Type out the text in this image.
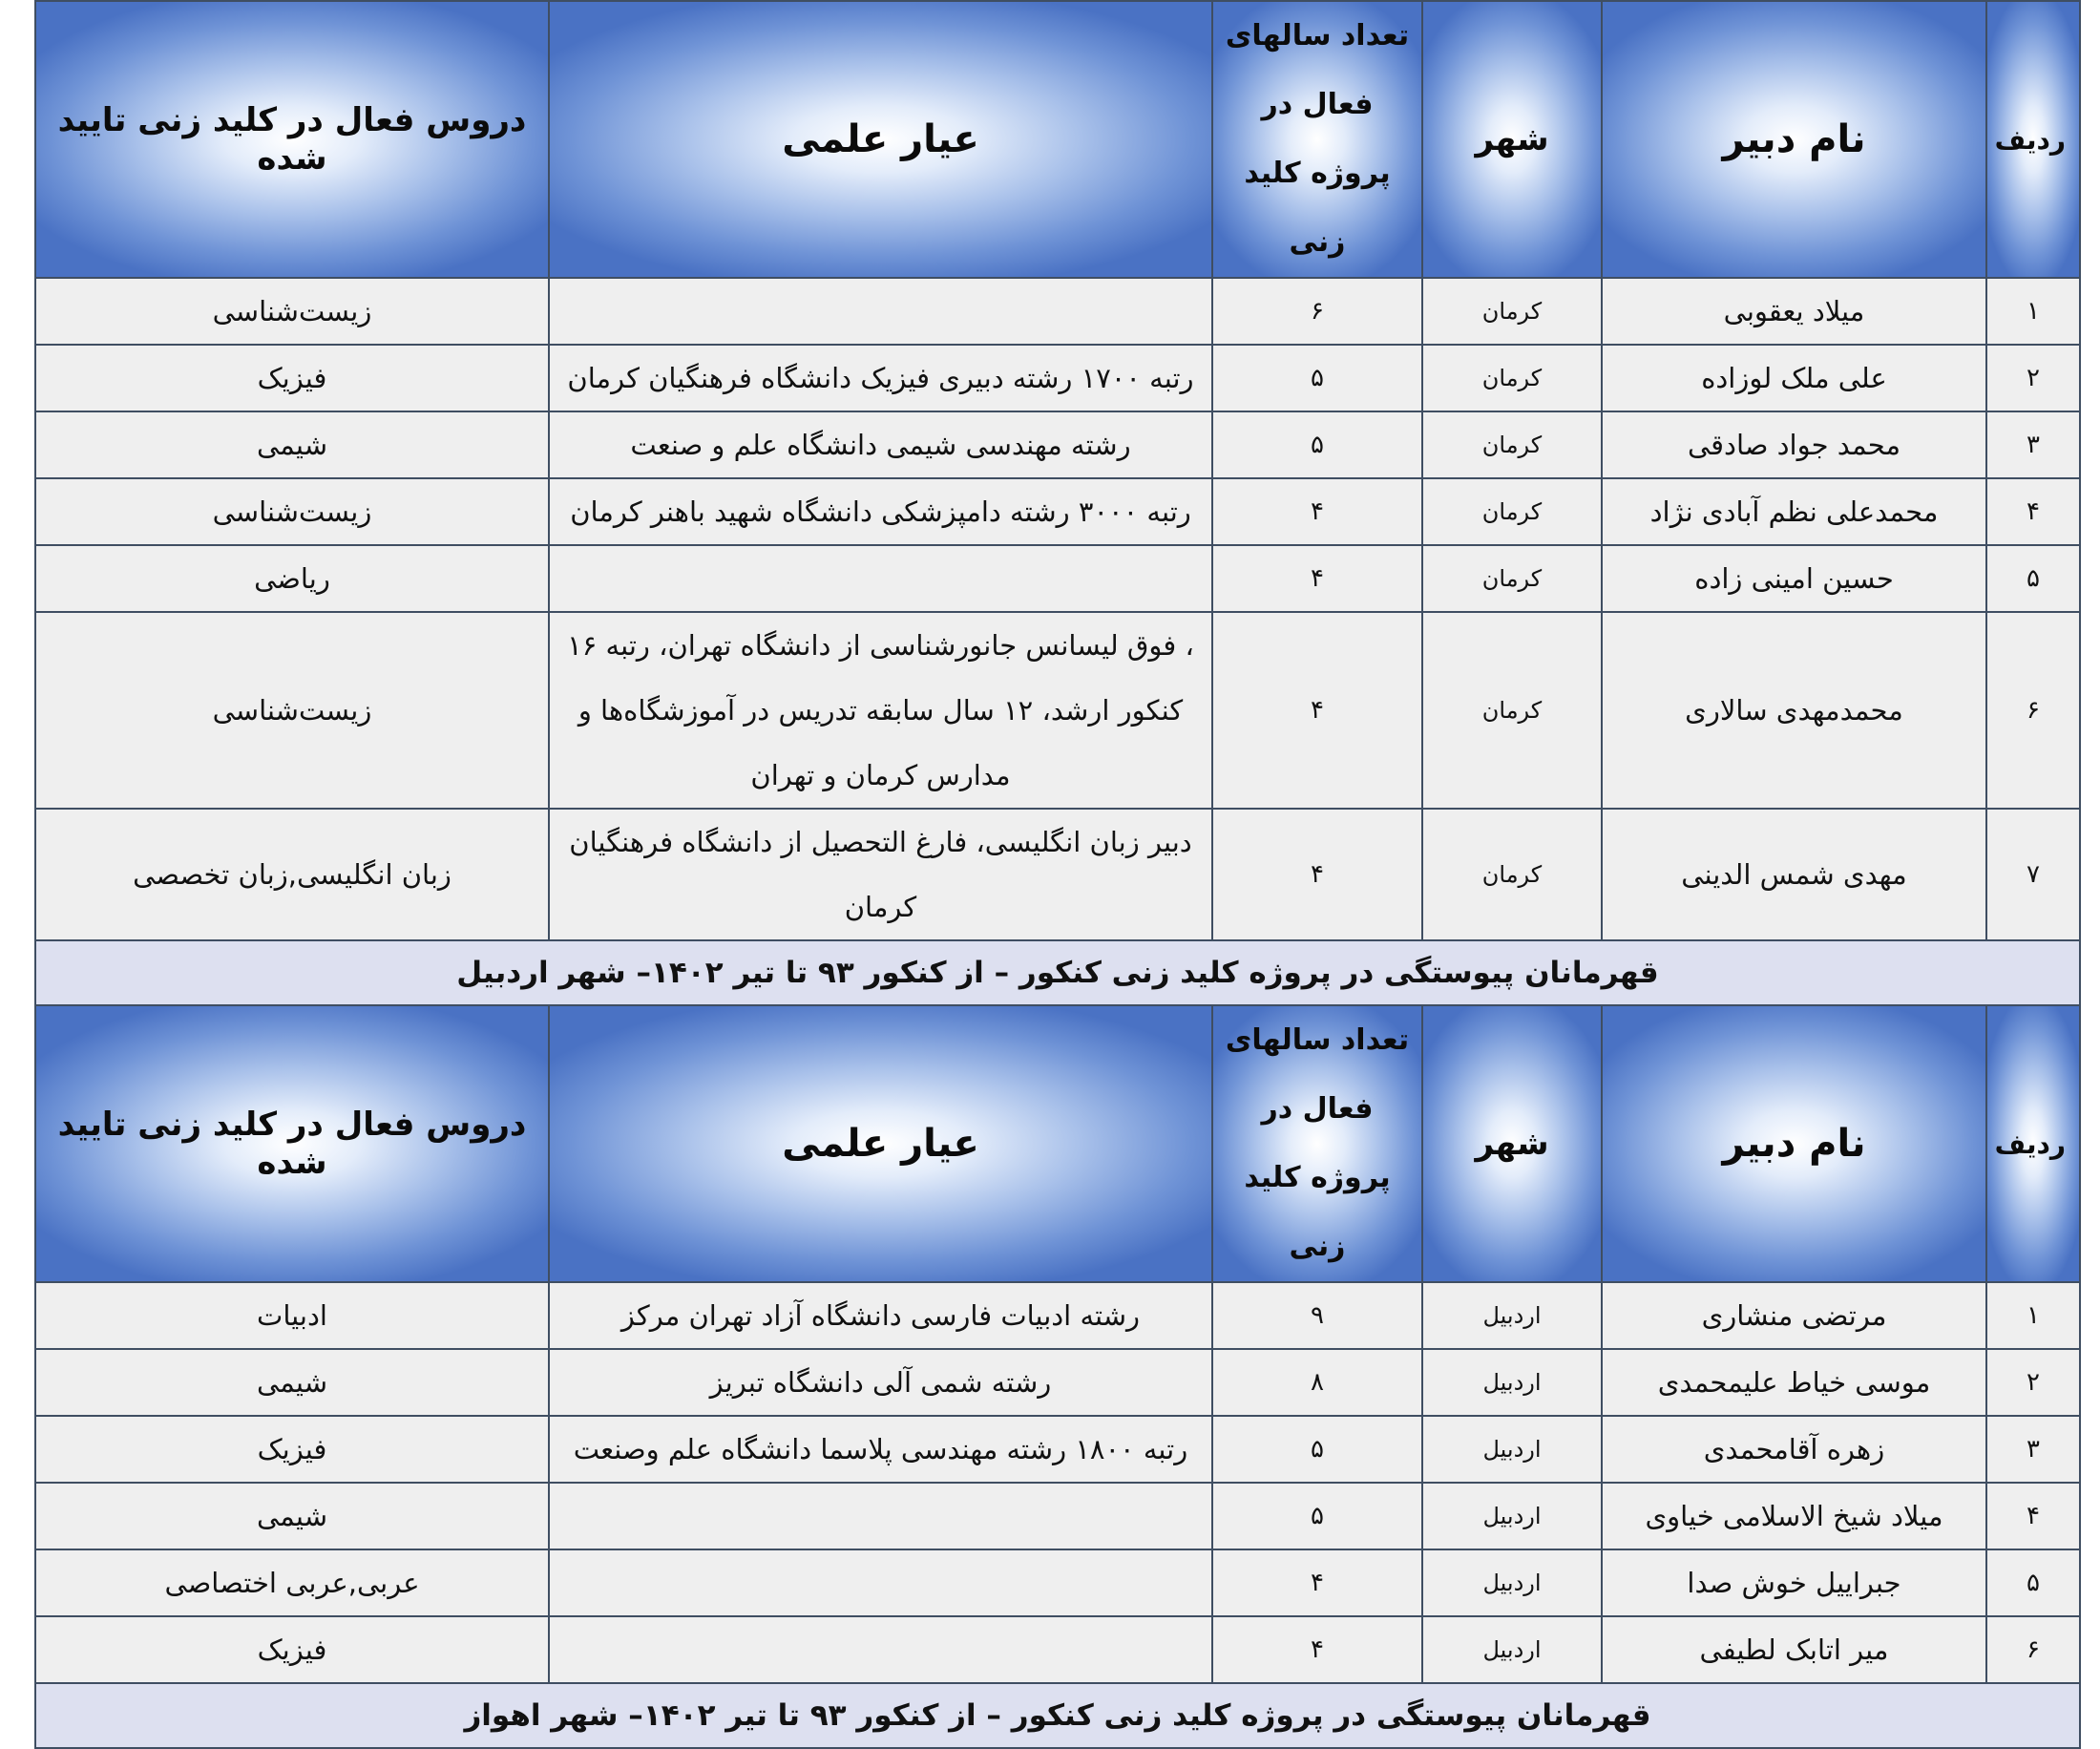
دروس فعال در کلید زنی تایید شده	عیار علمی	تعداد سالهای فعال در پروژه کلید زنی	شهر	نام دبیر	ردیف
زیست‌شناسی		۶	کرمان	میلاد یعقوبی	۱
فیزیک	رتبه ۱۷۰۰ رشته دبیری فیزیک دانشگاه فرهنگیان کرمان	۵	کرمان	علی ملک لوزاده	۲
شیمی	رشته مهندسی شیمی دانشگاه علم و صنعت	۵	کرمان	محمد جواد صادقی	۳
زیست‌شناسی	رتبه ۳۰۰۰ رشته دامپزشکی دانشگاه شهید باهنر کرمان	۴	کرمان	محمدعلی نظم آبادی نژاد	۴
ریاضی		۴	کرمان	حسین امینی زاده	۵
زیست‌شناسی	، فوق لیسانس جانورشناسی از دانشگاه تهران، رتبه ۱۶ کنکور ارشد، ۱۲ سال سابقه تدریس در آموزشگاه‌ها و مدارس کرمان و تهران	۴	کرمان	محمدمهدی سالاری	۶
زبان انگلیسی,زبان تخصصی	دبیر زبان انگلیسی، فارغ التحصیل از دانشگاه فرهنگیان کرمان	۴	کرمان	مهدی شمس الدینی	۷
قهرمانان پیوستگی در پروژه کلید زنی کنکور – از کنکور ۹۳ تا تیر ۱۴۰۲– شهر اردبیل					
دروس فعال در کلید زنی تایید شده	عیار علمی	تعداد سالهای فعال در پروژه کلید زنی	شهر	نام دبیر	ردیف
ادبیات	رشته ادبیات فارسی دانشگاه آزاد تهران مرکز	۹	اردبیل	مرتضی منشاری	۱
شیمی	رشته شمی آلی دانشگاه تبریز	۸	اردبیل	موسی خیاط علیمحمدی	۲
فیزیک	رتبه ۱۸۰۰ رشته مهندسی پلاسما دانشگاه علم وصنعت	۵	اردبیل	زهره آقامحمدی	۳
شیمی		۵	اردبیل	میلاد شیخ الاسلامی خیاوی	۴
عربی,عربی اختصاصی		۴	اردبیل	جبراییل خوش صدا	۵
فیزیک		۴	اردبیل	میر اتابک لطیفی	۶
قهرمانان پیوستگی در پروژه کلید زنی کنکور – از کنکور ۹۳ تا تیر ۱۴۰۲– شهر اهواز					
